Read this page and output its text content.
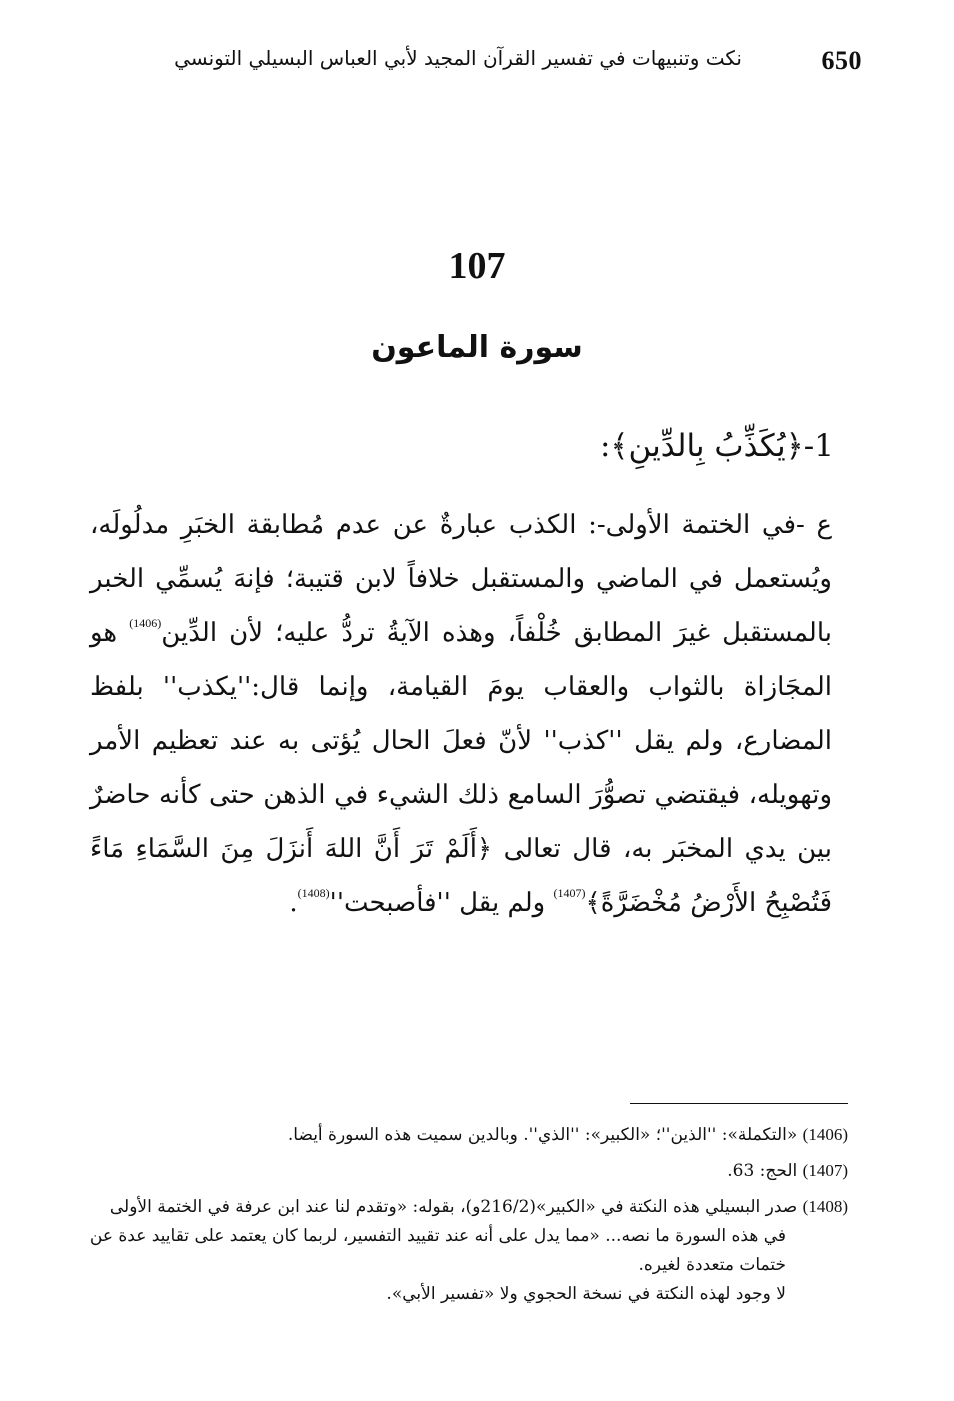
650
نكت وتنبيهات في تفسير القرآن المجيد لأبي العباس البسيلي التونسي
107
سورة الماعون
1-﴿يُكَذِّبُ بِالدِّينِ﴾:

ع -في الختمة الأولى-: الكذب عبارةٌ عن عدم مُطابقة الخبَرِ مدلُولَه، ويُستعمل في الماضي والمستقبل خلافاً لابن قتيبة؛ فإنهَ يُسمِّي الخبر بالمستقبل غيرَ المطابق خُلْفاً، وهذه الآيةُ تردُّ عليه؛ لأن الدِّين$^{(1406)}$ هو المجَازاة بالثواب والعقاب يومَ القيامة، وإنما قال:''يكذب'' بلفظ المضارع، ولم يقل ''كذب'' لأنّ فعلَ الحال يُؤتى به عند تعظيم الأمر وتهويله، فيقتضي تصوُّرَ السامع ذلك الشيء في الذهن حتى كأنه حاضرٌ بين يدي المخبَر به، قال تعالى ﴿أَلَمْ تَرَ أَنَّ اللهَ أَنزَلَ مِنَ السَّمَاءِ مَاءً فَتُصْبِحُ الأَرْضُ مُخْضَرَّةً﴾$^{(1407)}$ ولم يقل ''فأصبحت''$^{(1408)}$.

(1406) «التكملة»: ''الذين''؛ «الكبير»: ''الذي''. وبالدين سميت هذه السورة أيضا.

(1407) الحج: 63.

(1408) صدر البسيلي هذه النكتة في «الكبير»(216/2و)، بقوله: «وتقدم لنا عند ابن عرفة في الختمة الأولى
في هذه السورة ما نصه... «مما يدل على أنه عند تقييد التفسير، لربما كان يعتمد على تقاييد عدة عن ختمات متعددة لغيره.
لا وجود لهذه النكتة في نسخة الحجوي ولا «تفسير الأبي».
